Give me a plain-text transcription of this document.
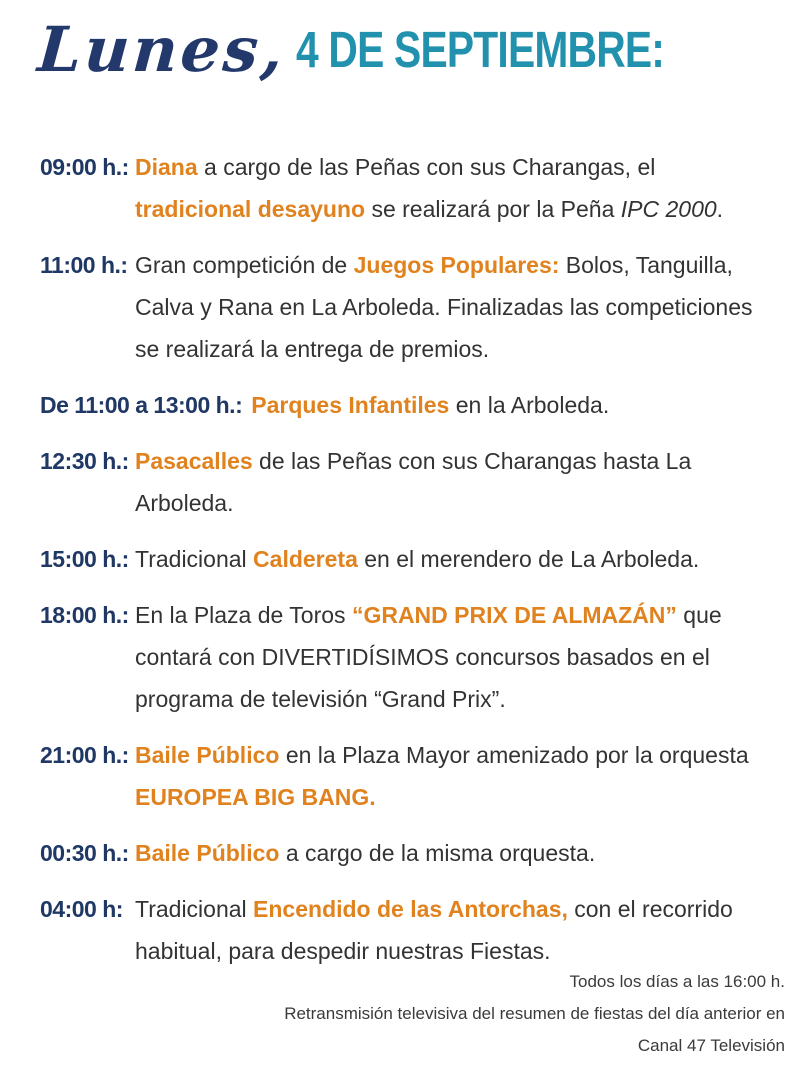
Lunes, 4 DE SEPTIEMBRE:
09:00 h.: Diana a cargo de las Peñas con sus Charangas, el tradicional desayuno se realizará por la Peña IPC 2000.
11:00 h.: Gran competición de Juegos Populares: Bolos, Tanguilla, Calva y Rana en La Arboleda. Finalizadas las competiciones se realizará la entrega de premios.
De 11:00 a 13:00 h.: Parques Infantiles en la Arboleda.
12:30 h.: Pasacalles de las Peñas con sus Charangas hasta La Arboleda.
15:00 h.: Tradicional Caldereta en el merendero de La Arboleda.
18:00 h.: En la Plaza de Toros “GRAND PRIX DE ALMAZÁN” que contará con DIVERTIDÍSIMOS concursos basados en el programa de televisión “Grand Prix”.
21:00 h.: Baile Público en la Plaza Mayor amenizado por la orquesta EUROPEA BIG BANG.
00:30 h.: Baile Público a cargo de la misma orquesta.
04:00 h: Tradicional Encendido de las Antorchas, con el recorrido habitual, para despedir nuestras Fiestas.
Todos los días a las 16:00 h.
Retransmisión televisiva del resumen de fiestas del día anterior en
Canal 47 Televisión
